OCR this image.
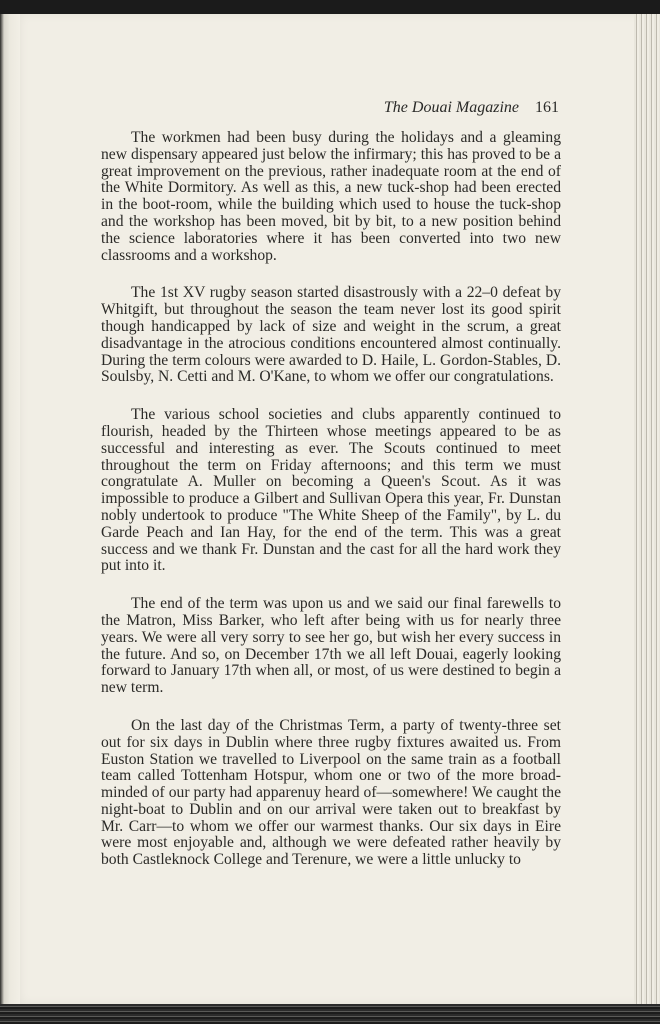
The Douai Magazine 161

The workmen had been busy during the holidays and a gleaming new dispensary appeared just below the infirmary; this has proved to be a great improvement on the previous, rather inadequate room at the end of the White Dormitory. As well as this, a new tuck-shop had been erected in the boot-room, while the building which used to house the tuck-shop and the workshop has been moved, bit by bit, to a new position behind the science laboratories where it has been converted into two new classrooms and a workshop.

The 1st XV rugby season started disastrously with a 22–0 defeat by Whitgift, but throughout the season the team never lost its good spirit though handicapped by lack of size and weight in the scrum, a great disadvantage in the atrocious conditions encountered almost continually. During the term colours were awarded to D. Haile, L. Gordon-Stables, D. Soulsby, N. Cetti and M. O'Kane, to whom we offer our congratulations.

The various school societies and clubs apparently continued to flourish, headed by the Thirteen whose meetings appeared to be as successful and interesting as ever. The Scouts continued to meet throughout the term on Friday afternoons; and this term we must congratulate A. Muller on becoming a Queen's Scout. As it was impossible to produce a Gilbert and Sullivan Opera this year, Fr. Dunstan nobly undertook to produce "The White Sheep of the Family", by L. du Garde Peach and Ian Hay, for the end of the term. This was a great success and we thank Fr. Dunstan and the cast for all the hard work they put into it.

The end of the term was upon us and we said our final farewells to the Matron, Miss Barker, who left after being with us for nearly three years. We were all very sorry to see her go, but wish her every success in the future. And so, on December 17th we all left Douai, eagerly looking forward to January 17th when all, or most, of us were destined to begin a new term.

On the last day of the Christmas Term, a party of twenty-three set out for six days in Dublin where three rugby fixtures awaited us. From Euston Station we travelled to Liverpool on the same train as a football team called Tottenham Hotspur, whom one or two of the more broad-minded of our party had apparenuy heard of—somewhere! We caught the night-boat to Dublin and on our arrival were taken out to breakfast by Mr. Carr—to whom we offer our warmest thanks. Our six days in Eire were most enjoyable and, although we were defeated rather heavily by both Castleknock College and Terenure, we were a little unlucky to
